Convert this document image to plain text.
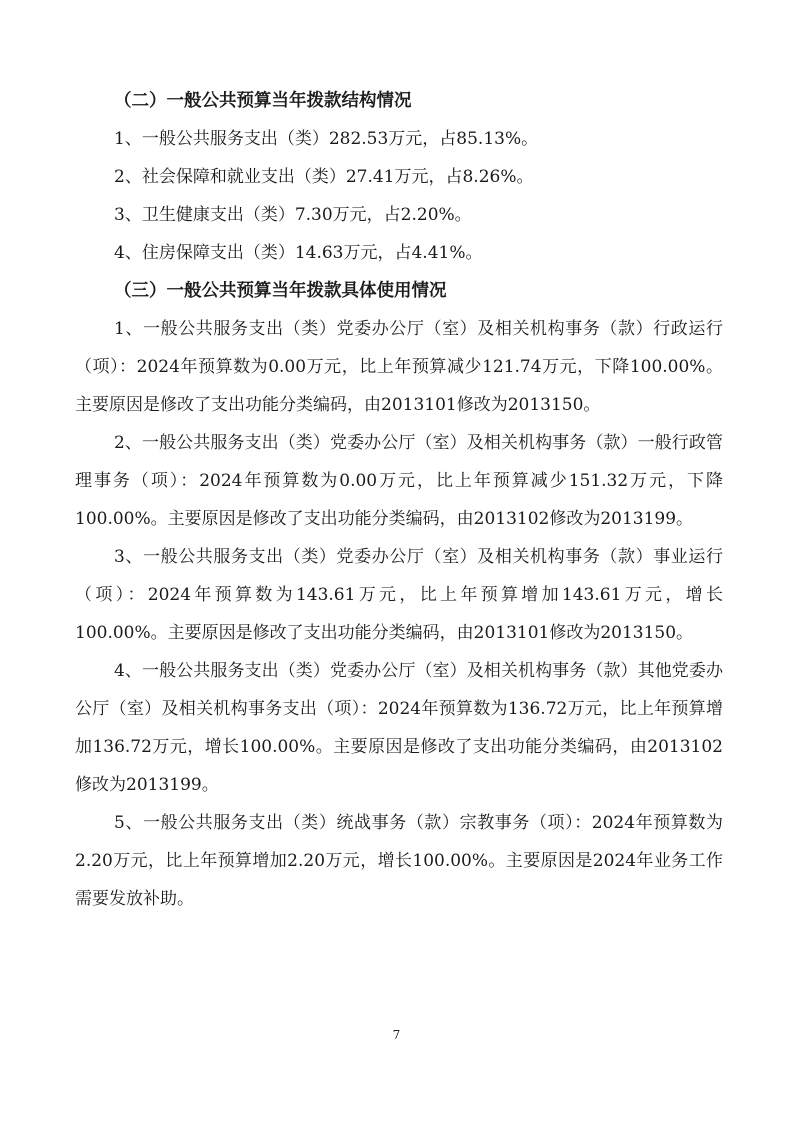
（二）一般公共预算当年拨款结构情况
1、一般公共服务支出（类）282.53万元，占85.13%。
2、社会保障和就业支出（类）27.41万元，占8.26%。
3、卫生健康支出（类）7.30万元，占2.20%。
4、住房保障支出（类）14.63万元，占4.41%。
（三）一般公共预算当年拨款具体使用情况

1、一般公共服务支出（类）党委办公厅（室）及相关机构事务（款）行政运行（项）：2024年预算数为0.00万元，比上年预算减少121.74万元，下降100.00%。主要原因是修改了支出功能分类编码，由2013101修改为2013150。

2、一般公共服务支出（类）党委办公厅（室）及相关机构事务（款）一般行政管理事务（项）：2024年预算数为0.00万元，比上年预算减少151.32万元，下降100.00%。主要原因是修改了支出功能分类编码，由2013102修改为2013199。

3、一般公共服务支出（类）党委办公厅（室）及相关机构事务（款）事业运行（项）：2024年预算数为143.61万元，比上年预算增加143.61万元，增长100.00%。主要原因是修改了支出功能分类编码，由2013101修改为2013150。

4、一般公共服务支出（类）党委办公厅（室）及相关机构事务（款）其他党委办公厅（室）及相关机构事务支出（项）：2024年预算数为136.72万元，比上年预算增加136.72万元，增长100.00%。主要原因是修改了支出功能分类编码，由2013102修改为2013199。

5、一般公共服务支出（类）统战事务（款）宗教事务（项）：2024年预算数为2.20万元，比上年预算增加2.20万元，增长100.00%。主要原因是2024年业务工作需要发放补助。

7
